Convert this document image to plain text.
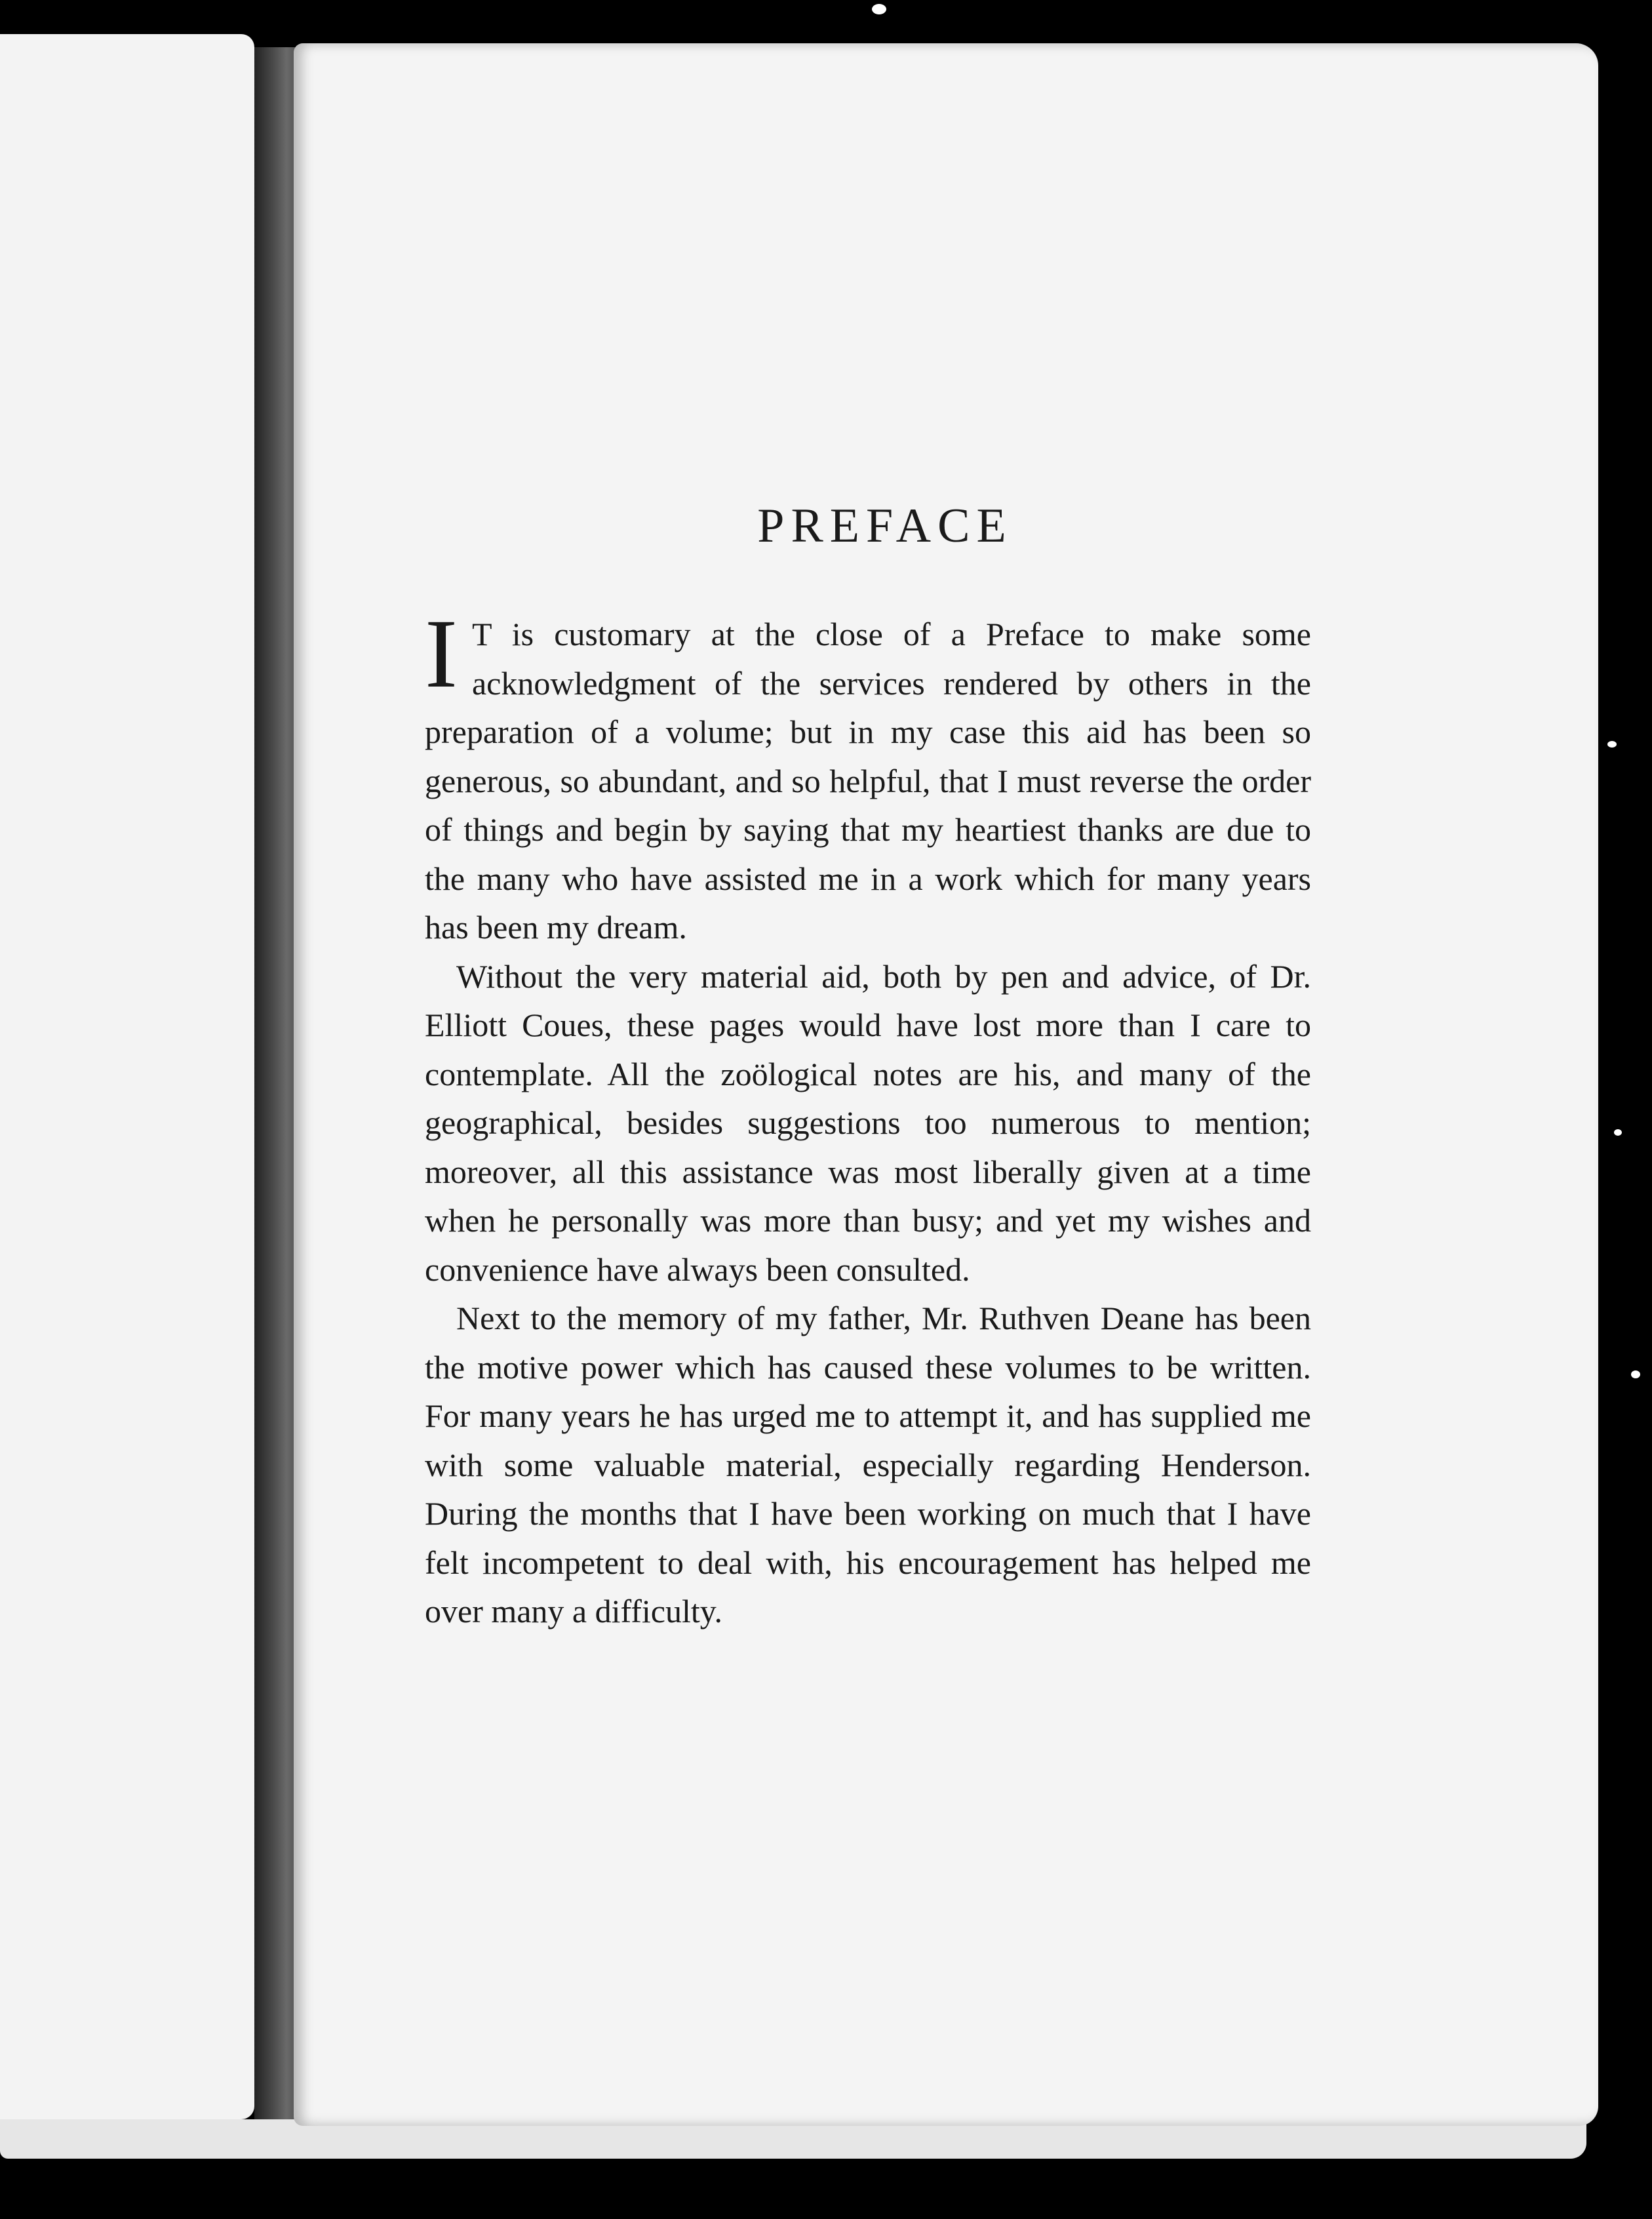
PREFACE

I T is customary at the close of a Preface to make some acknowledgment of the services rendered by others in the preparation of a volume; but in my case this aid has been so generous, so abundant, and so helpful, that I must reverse the order of things and begin by saying that my heartiest thanks are due to the many who have assisted me in a work which for many years has been my dream.

Without the very material aid, both by pen and advice, of Dr. Elliott Coues, these pages would have lost more than I care to contemplate. All the zoölogical notes are his, and many of the geographical, besides suggestions too numerous to mention; moreover, all this assistance was most liberally given at a time when he personally was more than busy; and yet my wishes and convenience have always been consulted.

Next to the memory of my father, Mr. Ruthven Deane has been the motive power which has caused these volumes to be written. For many years he has urged me to attempt it, and has supplied me with some valuable material, especially regarding Henderson. During the months that I have been working on much that I have felt incompetent to deal with, his encouragement has helped me over many a difficulty.
